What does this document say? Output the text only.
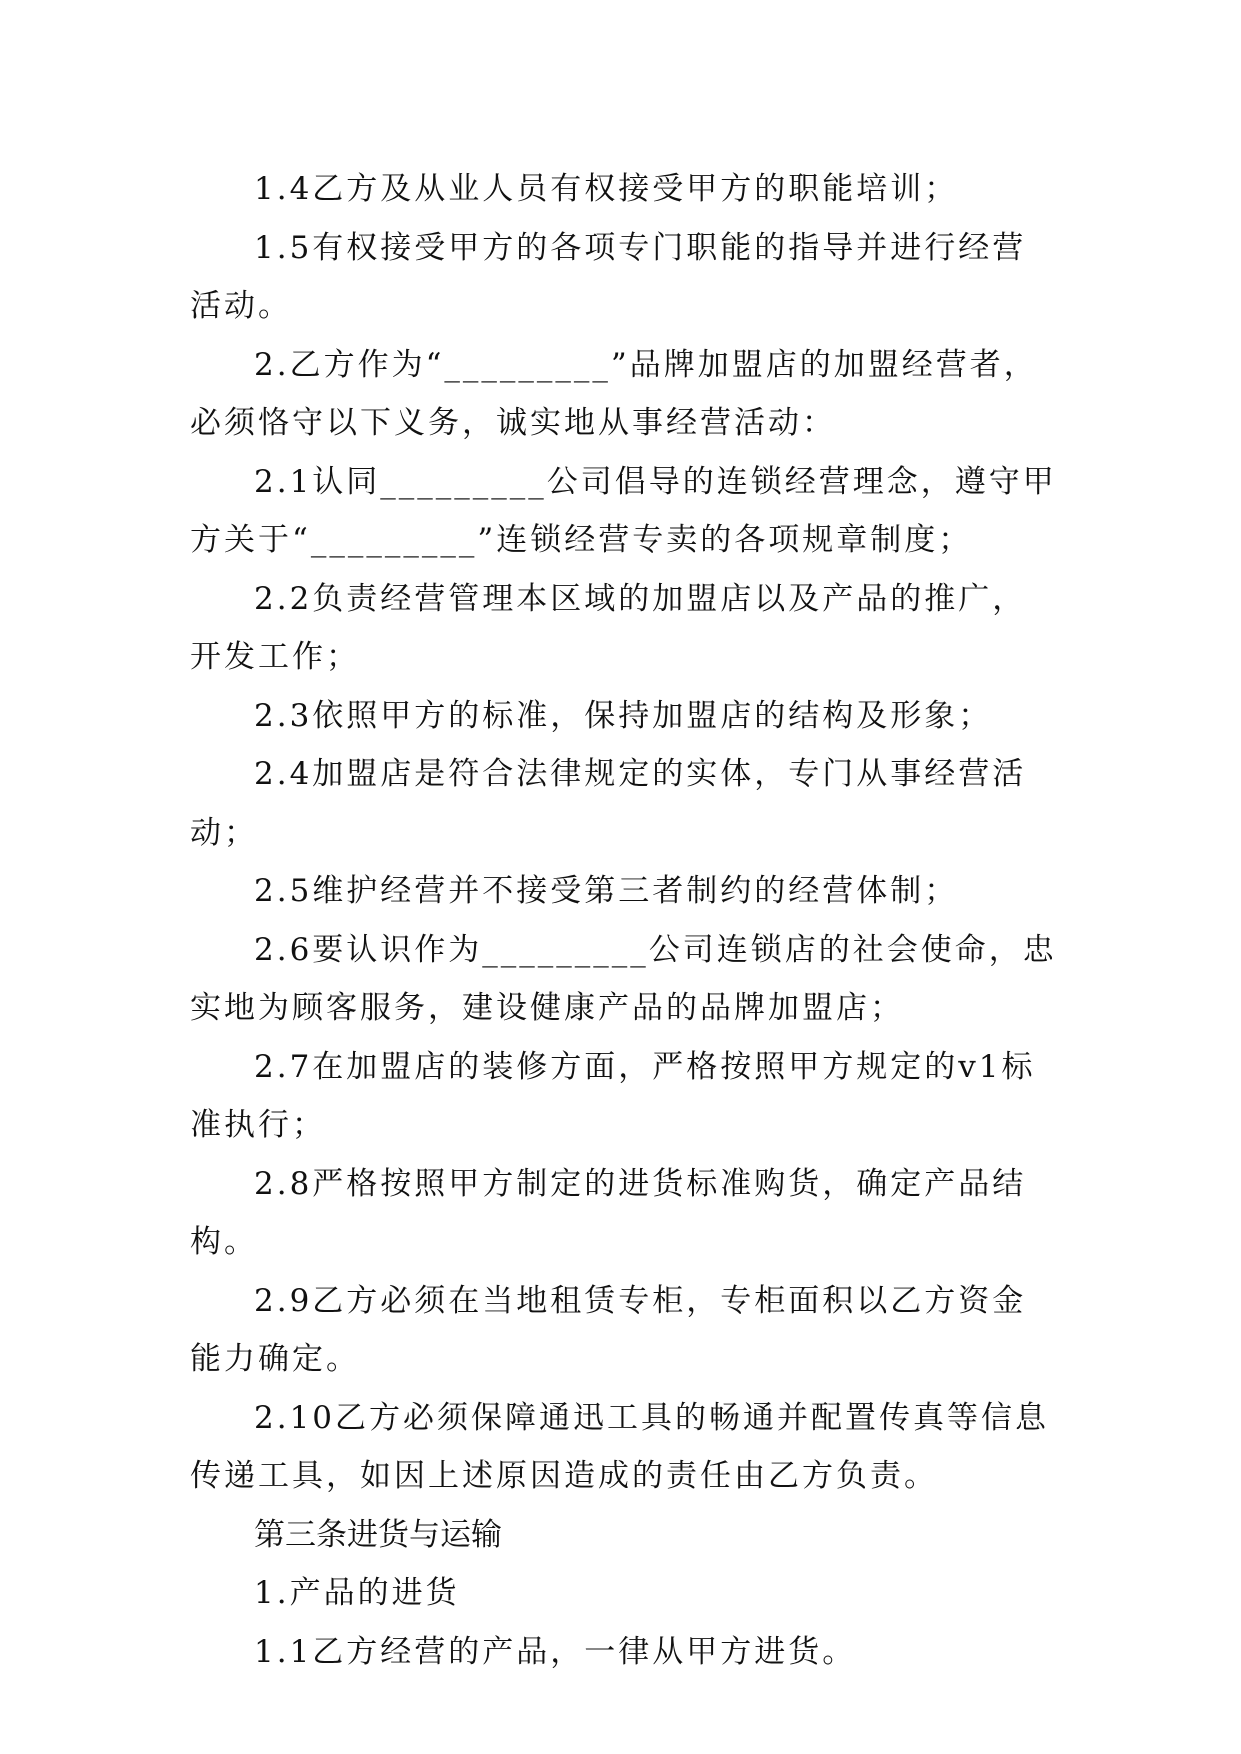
1.4乙方及从业人员有权接受甲方的职能培训；

1.5有权接受甲方的各项专门职能的指导并进行经营活动。

2.乙方作为“_________”品牌加盟店的加盟经营者，必须恪守以下义务，诚实地从事经营活动：

2.1认同_________公司倡导的连锁经营理念，遵守甲方关于“_________”连锁经营专卖的各项规章制度；

2.2负责经营管理本区域的加盟店以及产品的推广，开发工作；

2.3依照甲方的标准，保持加盟店的结构及形象；

2.4加盟店是符合法律规定的实体，专门从事经营活动；

2.5维护经营并不接受第三者制约的经营体制；

2.6要认识作为_________公司连锁店的社会使命，忠实地为顾客服务，建设健康产品的品牌加盟店；

2.7在加盟店的装修方面，严格按照甲方规定的v1标准执行；

2.8严格按照甲方制定的进货标准购货，确定产品结构。

2.9乙方必须在当地租赁专柜，专柜面积以乙方资金能力确定。

2.10乙方必须保障通迅工具的畅通并配置传真等信息传递工具，如因上述原因造成的责任由乙方负责。

第三条进货与运输

1.产品的进货

1.1乙方经营的产品，一律从甲方进货。
